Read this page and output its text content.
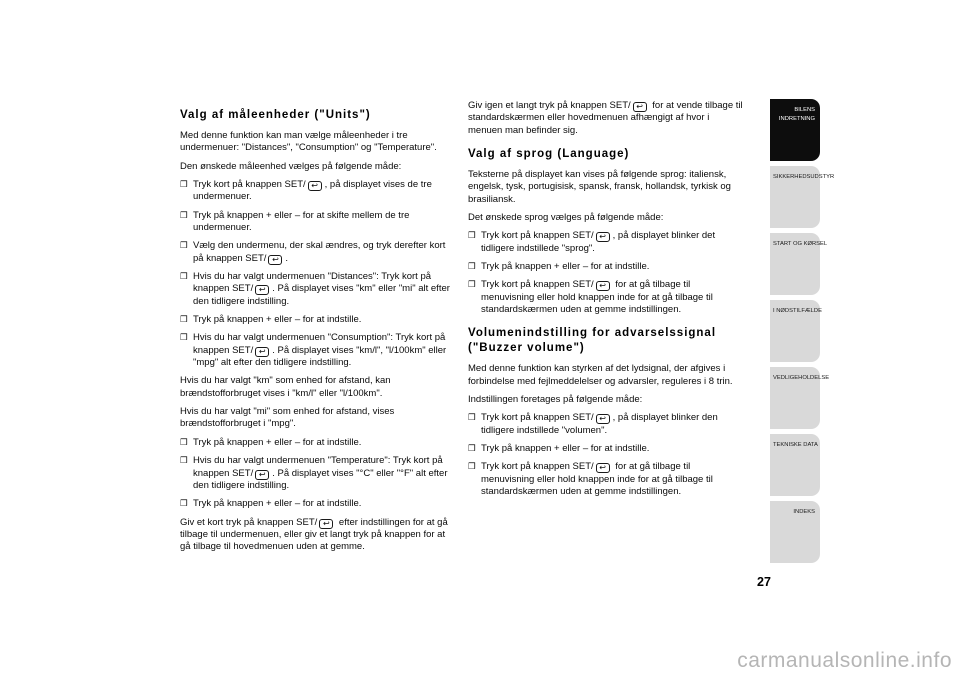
Valg af måleenheder ("Units")

Med denne funktion kan man vælge måleenheder i tre undermenuer: "Distances", "Consumption" og "Temperature".

Den ønskede måleenhed vælges på følgende måde:

❒ Tryk kort på knappen SET/ ↩ , på displayet vises de tre undermenuer.
❒ Tryk på knappen + eller – for at skifte mellem de tre undermenuer.
❒ Vælg den undermenu, der skal ændres, og tryk derefter kort på knappen SET/ ↩ .
❒ Hvis du har valgt undermenuen "Distances": Tryk kort på knappen SET/ ↩ . På displayet vises "km" eller "mi" alt efter den tidligere indstilling.
❒ Tryk på knappen + eller – for at indstille.
❒ Hvis du har valgt undermenuen "Consumption": Tryk kort på knappen SET/ ↩ . På displayet vises "km/l", "l/100km" eller "mpg" alt efter den tidligere indstilling.

Hvis du har valgt "km" som enhed for afstand, kan brændstofforbruget vises i "km/l" eller "l/100km".

Hvis du har valgt "mi" som enhed for afstand, vises brændstofforbruget i "mpg".

❒ Tryk på knappen + eller – for at indstille.
❒ Hvis du har valgt undermenuen "Temperature": Tryk kort på knappen SET/ ↩ . På displayet vises "°C" eller "°F" alt efter den tidligere indstilling.
❒ Tryk på knappen + eller – for at indstille.

Giv et kort tryk på knappen SET/ ↩ efter indstillingen for at gå tilbage til undermenuen, eller giv et langt tryk på knappen for at gå tilbage til hovedmenuen uden at gemme.

Giv igen et langt tryk på knappen SET/ ↩ for at vende tilbage til standardskærmen eller hovedmenuen afhængigt af hvor i menuen man befinder sig.

Valg af sprog (Language)

Teksterne på displayet kan vises på følgende sprog: italiensk, engelsk, tysk, portugisisk, spansk, fransk, hollandsk, tyrkisk og brasiliansk.

Det ønskede sprog vælges på følgende måde:

❒ Tryk kort på knappen SET/ ↩ , på displayet blinker det tidligere indstillede "sprog".
❒ Tryk på knappen + eller – for at indstille.
❒ Tryk kort på knappen SET/ ↩ for at gå tilbage til menuvisning eller hold knappen inde for at gå tilbage til standardskærmen uden at gemme indstillingen.
Volumenindstilling for advarselssignal ("Buzzer volume")

Med denne funktion kan styrken af det lydsignal, der afgives i forbindelse med fejlmeddelelser og advarsler, reguleres i 8 trin.

Indstillingen foretages på følgende måde:

❒ Tryk kort på knappen SET/ ↩ , på displayet blinker den tidligere indstillede "volumen".
❒ Tryk på knappen + eller – for at indstille.
❒ Tryk kort på knappen SET/ ↩ for at gå tilbage til menuvisning eller hold knappen inde for at gå tilbage til standardskærmen uden at gemme indstillingen.
BILENS
INDRETNING
SIKKERHEDSUDSTYR
START OG KØRSEL
I NØDSTILFÆLDE
VEDLIGEHOLDELSE
TEKNISKE DATA
INDEKS
27
carmanualsonline.info
